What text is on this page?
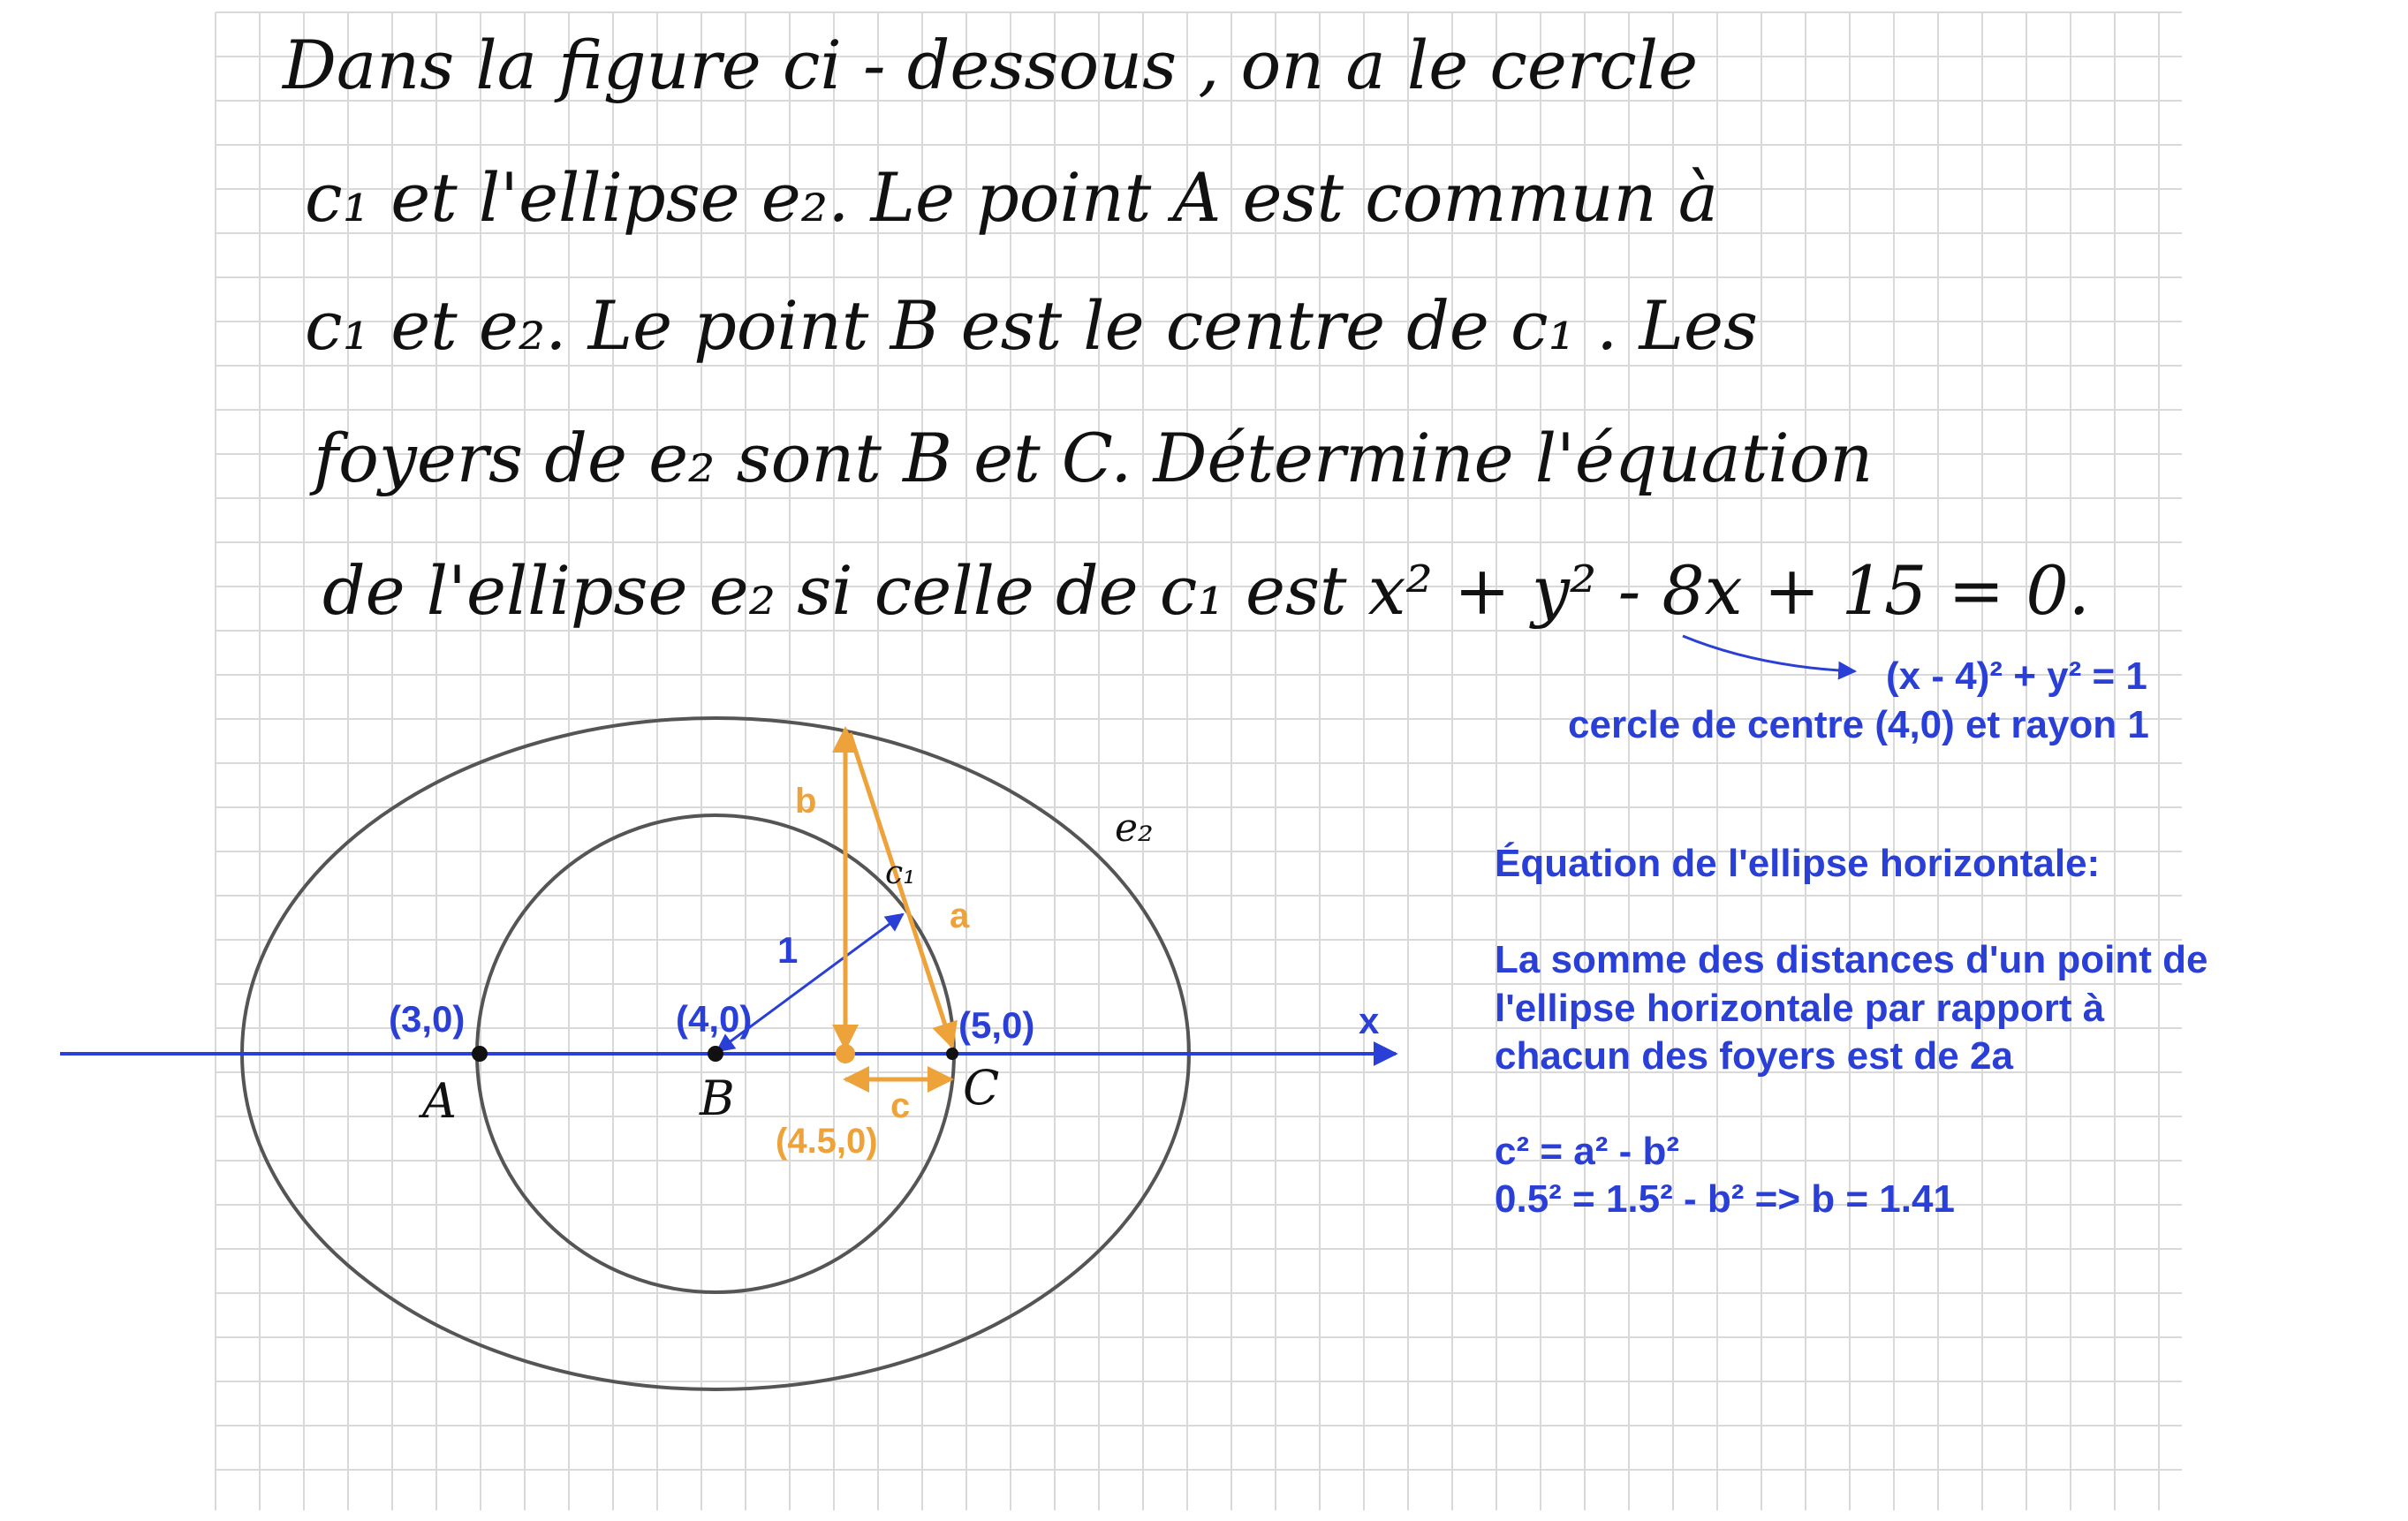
Dans la figure ci - dessous , on a le cercle
c₁ et l'ellipse e₂. Le point A est commun à
c₁ et e₂. Le point B est le centre de c₁ . Les
foyers de e₂ sont B et C. Détermine l'équation
de l'ellipse e₂ si celle de c₁ est x² + y² - 8x + 15 = 0.
(x - 4)² + y² = 1
cercle de centre (4,0) et rayon 1
x
1
b
a
c
(3,0)	(4,0)	(5,0)
(4.5,0)
A	B	C
c₁
e₂
Équation de l'ellipse horizontale:
La somme des distances d'un point de
l'ellipse horizontale par rapport à
chacun des foyers est de 2a
c² = a² - b²
0.5² = 1.5² - b² => b = 1.41
